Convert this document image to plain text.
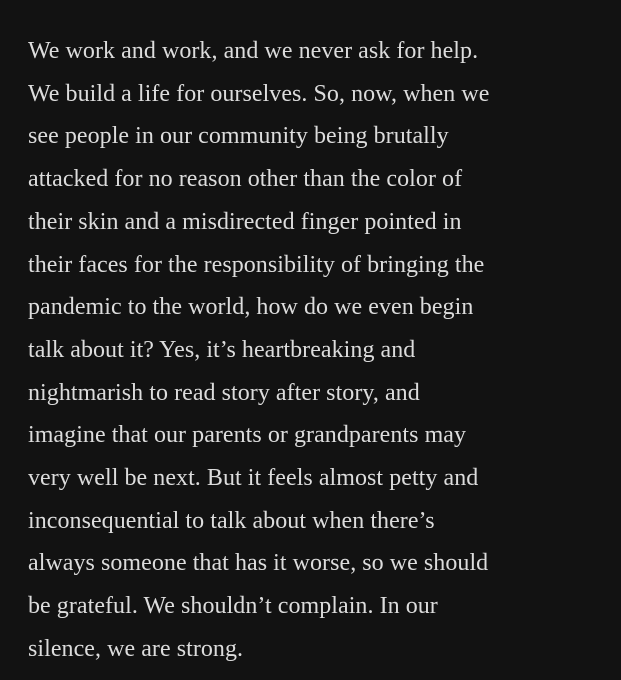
We work and work, and we never ask for help.
We build a life for ourselves. So, now, when we
see people in our community being brutally
attacked for no reason other than the color of
their skin and a misdirected finger pointed in
their faces for the responsibility of bringing the
pandemic to the world, how do we even begin
talk about it? Yes, it’s heartbreaking and
nightmarish to read story after story, and
imagine that our parents or grandparents may
very well be next. But it feels almost petty and
inconsequential to talk about when there’s
always someone that has it worse, so we should
be grateful. We shouldn’t complain. In our
silence, we are strong.
